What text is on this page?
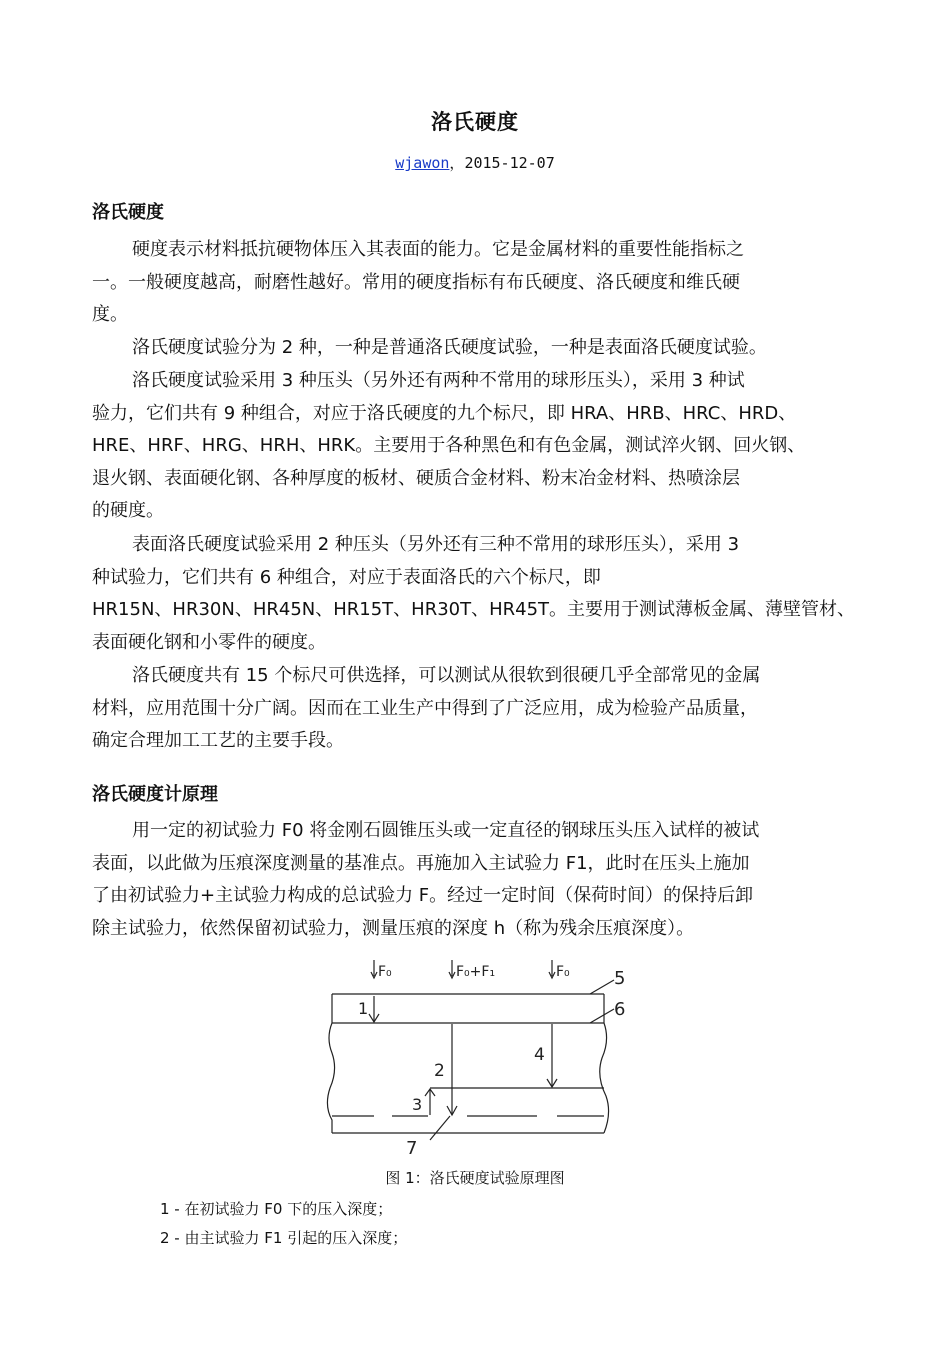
洛氏硬度
wjawon，2015-12-07
洛氏硬度
硬度表示材料抵抗硬物体压入其表面的能力。它是金属材料的重要性能指标之
一。一般硬度越高，耐磨性越好。常用的硬度指标有布氏硬度、洛氏硬度和维氏硬
度。
洛氏硬度试验分为 2 种，一种是普通洛氏硬度试验，一种是表面洛氏硬度试验。
洛氏硬度试验采用 3 种压头（另外还有两种不常用的球形压头），采用 3 种试
验力，它们共有 9 种组合，对应于洛氏硬度的九个标尺，即 HRA、HRB、HRC、HRD、
HRE、HRF、HRG、HRH、HRK。主要用于各种黑色和有色金属，测试淬火钢、回火钢、
退火钢、表面硬化钢、各种厚度的板材、硬质合金材料、粉末冶金材料、热喷涂层
的硬度。
表面洛氏硬度试验采用 2 种压头（另外还有三种不常用的球形压头），采用 3
种试验力，它们共有 6 种组合，对应于表面洛氏的六个标尺，即
HR15N、HR30N、HR45N、HR15T、HR30T、HR45T。主要用于测试薄板金属、薄壁管材、
表面硬化钢和小零件的硬度。
洛氏硬度共有 15 个标尺可供选择，可以测试从很软到很硬几乎全部常见的金属
材料，应用范围十分广阔。因而在工业生产中得到了广泛应用，成为检验产品质量，
确定合理加工工艺的主要手段。
洛氏硬度计原理
用一定的初试验力 F0 将金刚石圆锥压头或一定直径的钢球压头压入试样的被试
表面，以此做为压痕深度测量的基准点。再施加入主试验力 F1，此时在压头上施加
了由初试验力+主试验力构成的总试验力 F。经过一定时间（保荷时间）的保持后卸
除主试验力，依然保留初试验力，测量压痕的深度 h（称为残余压痕深度）。
F₀	F₀+F₁	F₀
1
2
3
4
5
6
7
图 1：洛氏硬度试验原理图
1 - 在初试验力 F0 下的压入深度；
2 - 由主试验力 F1 引起的压入深度；
